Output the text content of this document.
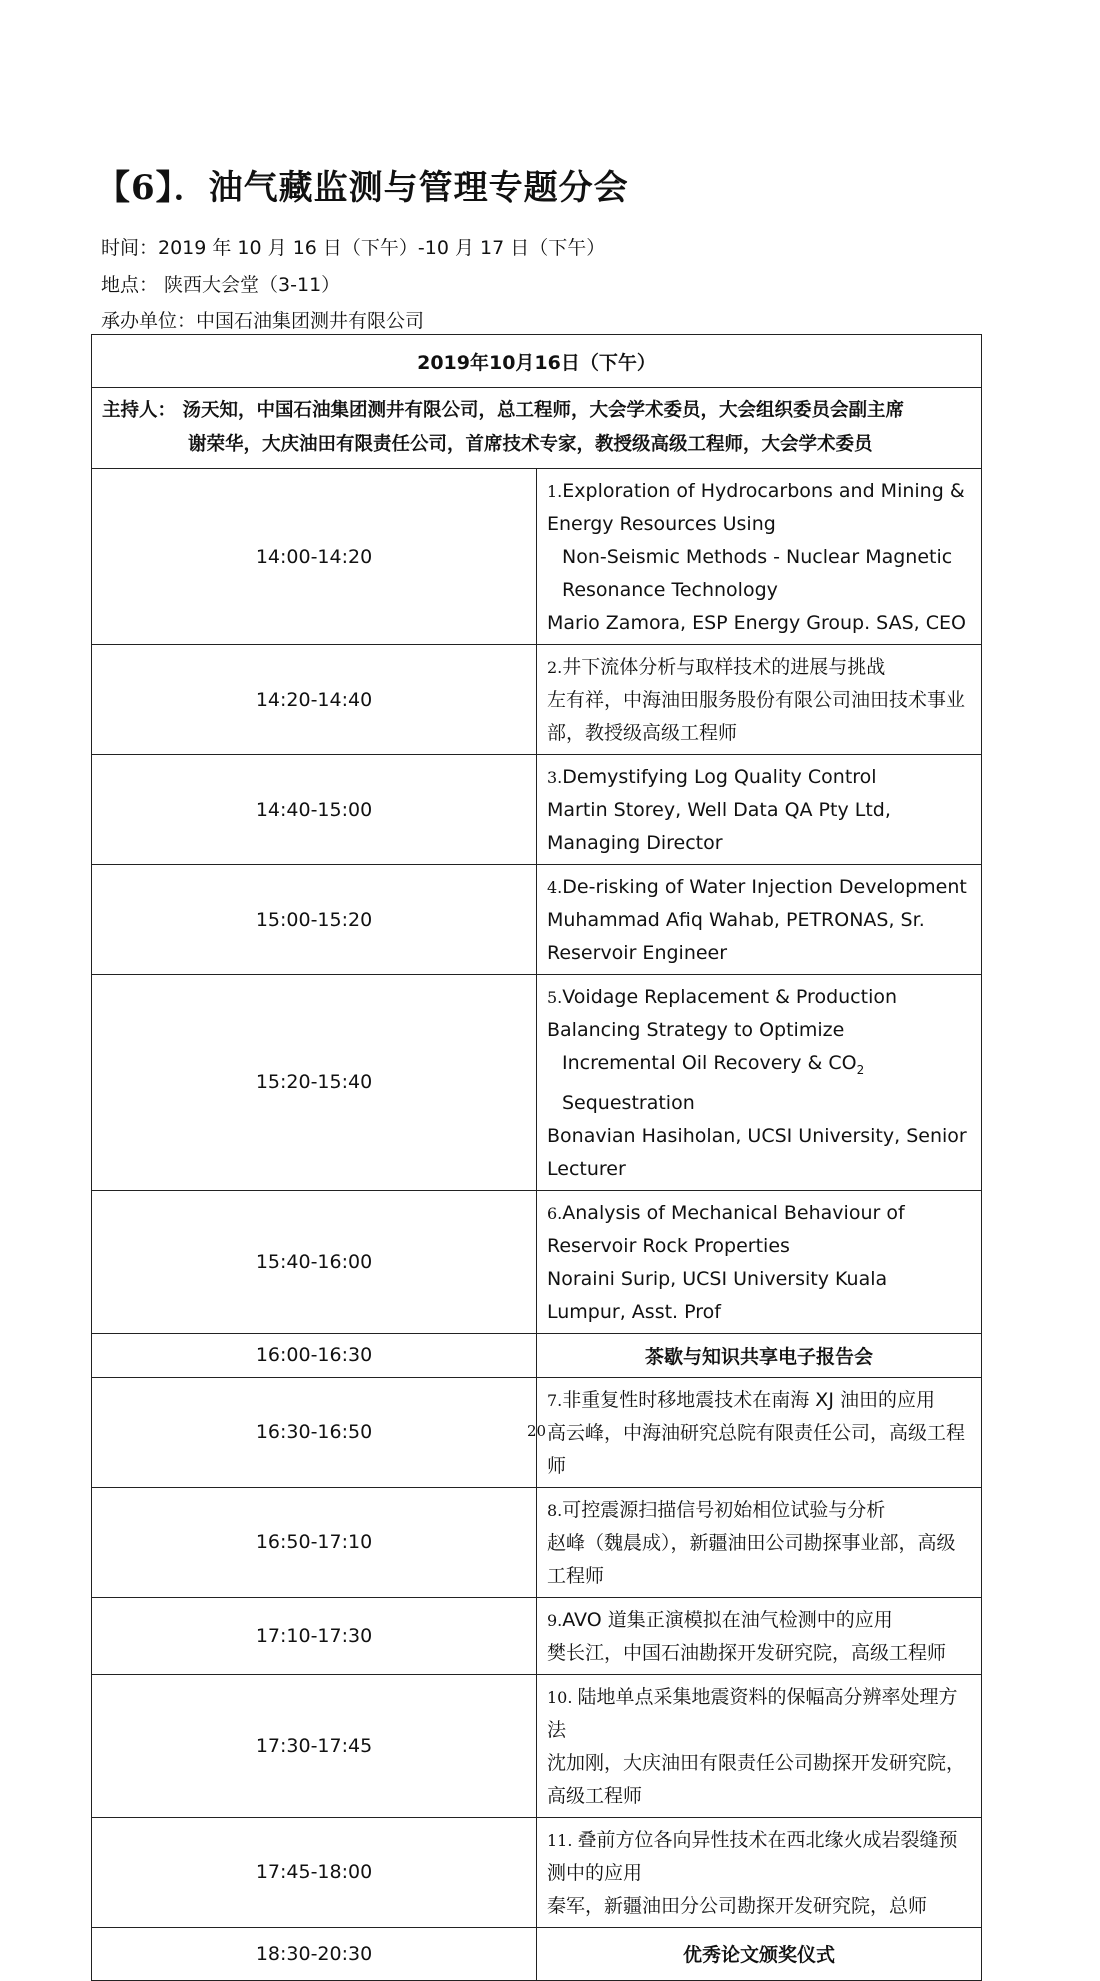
【6】．油气藏监测与管理专题分会
时间：2019 年 10 月 16 日（下午）-10 月 17 日（下午）
地点： 陕西大会堂（3-11）
承办单位：中国石油集团测井有限公司
2019年10月16日（下午）	

主持人： 汤天知，中国石油集团测井有限公司，总工程师，大会学术委员，大会组织委员会副主席
谢荣华，大庆油田有限责任公司，首席技术专家，教授级高级工程师，大会学术委员	

14:00-14:20	1.Exploration of Hydrocarbons and Mining & Energy Resources Using
Non-Seismic Methods - Nuclear Magnetic Resonance Technology
Mario Zamora, ESP Energy Group. SAS, CEO

14:20-14:40	2.井下流体分析与取样技术的进展与挑战
左有祥，中海油田服务股份有限公司油田技术事业部，教授级高级工程师

14:40-15:00	3.Demystifying Log Quality Control
Martin Storey, Well Data QA Pty Ltd, Managing Director

15:00-15:20	4.De-risking of Water Injection Development
Muhammad Afiq Wahab, PETRONAS, Sr. Reservoir Engineer

15:20-15:40	5.Voidage Replacement & Production Balancing Strategy to Optimize
Incremental Oil Recovery & $CO_2$ Sequestration
Bonavian Hasiholan, UCSI University, Senior Lecturer

15:40-16:00	6.Analysis of Mechanical Behaviour of Reservoir Rock Properties
Noraini Surip, UCSI University Kuala Lumpur, Asst. Prof

16:00-16:30	茶歇与知识共享电子报告会
16:30-16:50	7.非重复性时移地震技术在南海 XJ 油田的应用
高云峰，中海油研究总院有限责任公司，高级工程师

16:50-17:10	8.可控震源扫描信号初始相位试验与分析
赵峰（魏晨成），新疆油田公司勘探事业部，高级工程师

17:10-17:30	9.AVO 道集正演模拟在油气检测中的应用
樊长江，中国石油勘探开发研究院，高级工程师

17:30-17:45	10. 陆地单点采集地震资料的保幅高分辨率处理方法
沈加刚，大庆油田有限责任公司勘探开发研究院，高级工程师

17:45-18:00	11. 叠前方位各向异性技术在西北缘火成岩裂缝预测中的应用
秦军，新疆油田分公司勘探开发研究院，总师

18:30-20:30	优秀论文颁奖仪式
20
